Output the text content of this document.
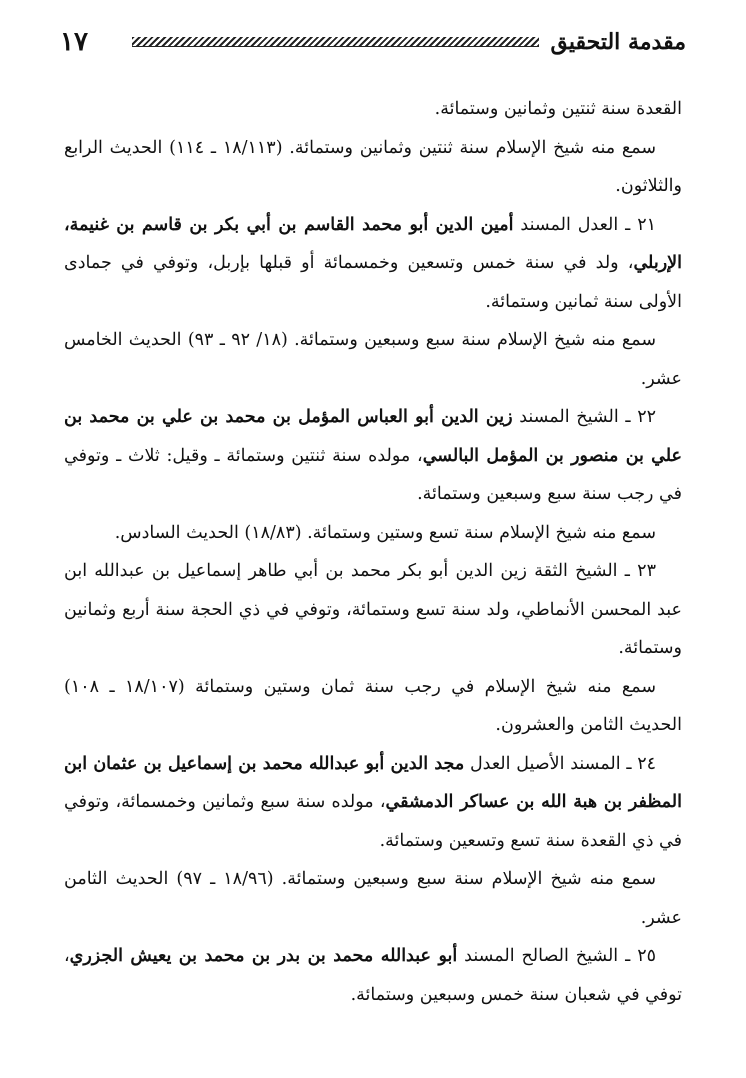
١٧	مقدمة التحقيق

القعدة سنة ثنتين وثمانين وستمائة.

سمع منه شيخ الإسلام سنة ثنتين وثمانين وستمائة. (١٨/١١٣ ـ ١١٤) الحديث الرابع والثلاثون.

٢١ ـ العدل المسند أمين الدين أبو محمد القاسم بن أبي بكر بن قاسم بن غنيمة، الإربلي، ولد في سنة خمس وتسعين وخمسمائة أو قبلها بإربل، وتوفي في جمادى الأولى سنة ثمانين وستمائة.

سمع منه شيخ الإسلام سنة سبع وسبعين وستمائة. (١٨/ ٩٢ ـ ٩٣) الحديث الخامس عشر.

٢٢ ـ الشيخ المسند زين الدين أبو العباس المؤمل بن محمد بن علي بن محمد بن علي بن منصور بن المؤمل البالسي، مولده سنة ثنتين وستمائة ـ وقيل: ثلاث ـ وتوفي في رجب سنة سبع وسبعين وستمائة.

سمع منه شيخ الإسلام سنة تسع وستين وستمائة. (١٨/٨٣) الحديث السادس.

٢٣ ـ الشيخ الثقة زين الدين أبو بكر محمد بن أبي طاهر إسماعيل بن عبدالله ابن عبد المحسن الأنماطي، ولد سنة تسع وستمائة، وتوفي في ذي الحجة سنة أربع وثمانين وستمائة.

سمع منه شيخ الإسلام في رجب سنة ثمان وستين وستمائة (١٨/١٠٧ ـ ١٠٨) الحديث الثامن والعشرون.

٢٤ ـ المسند الأصيل العدل مجد الدين أبو عبدالله محمد بن إسماعيل بن عثمان ابن المظفر بن هبة الله بن عساكر الدمشقي، مولده سنة سبع وثمانين وخمسمائة، وتوفي في ذي القعدة سنة تسع وتسعين وستمائة.

سمع منه شيخ الإسلام سنة سبع وسبعين وستمائة. (١٨/٩٦ ـ ٩٧) الحديث الثامن عشر.

٢٥ ـ الشيخ الصالح المسند أبو عبدالله محمد بن بدر بن محمد بن يعيش الجزري، توفي في شعبان سنة خمس وسبعين وستمائة.
